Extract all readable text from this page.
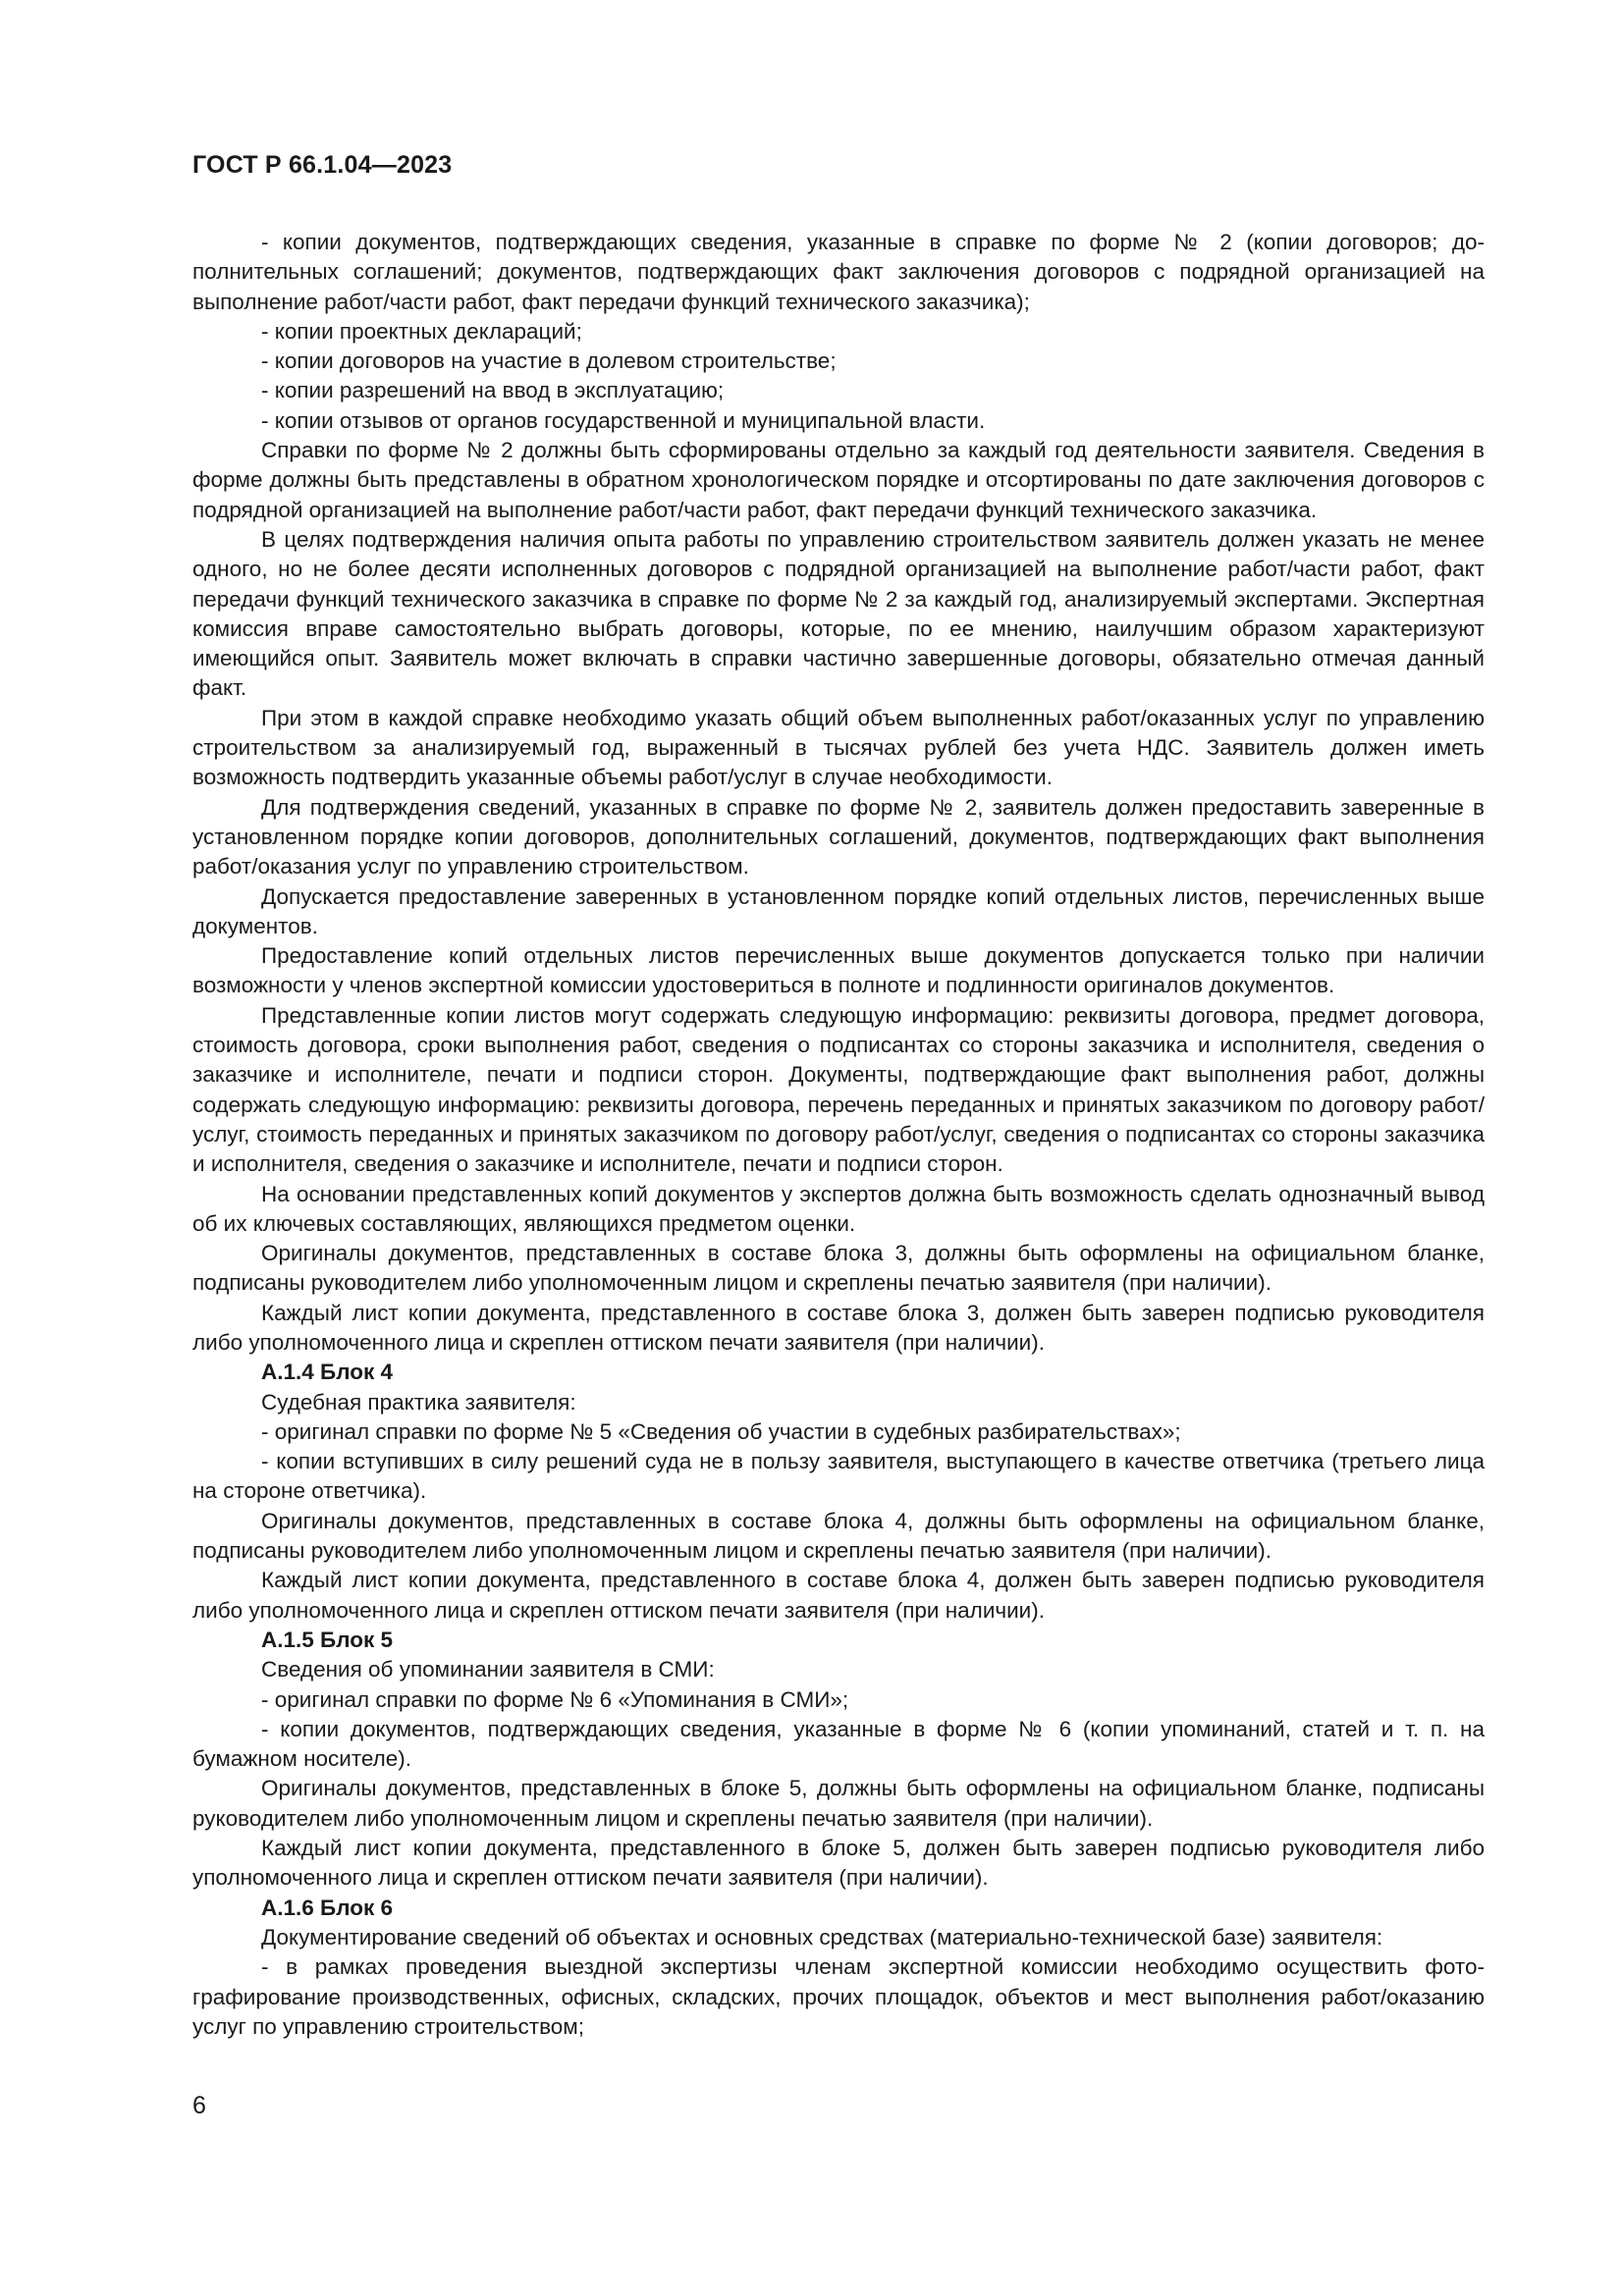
ГОСТ Р 66.1.04—2023

- копии документов, подтверждающих сведения, указанные в справке по форме № 2 (копии договоров; дополнительных соглашений; документов, подтверждающих факт заключения договоров с подрядной организацией на выполнение работ/части работ, факт передачи функций технического заказчика);

- копии проектных деклараций;

- копии договоров на участие в долевом строительстве;

- копии разрешений на ввод в эксплуатацию;

- копии отзывов от органов государственной и муниципальной власти.

Справки по форме № 2 должны быть сформированы отдельно за каждый год деятельности заявителя. Сведения в форме должны быть представлены в обратном хронологическом порядке и отсортированы по дате заключения договоров с подрядной организацией на выполнение работ/части работ, факт передачи функций технического заказчика.

В целях подтверждения наличия опыта работы по управлению строительством заявитель должен указать не менее одного, но не более десяти исполненных договоров с подрядной организацией на выполнение работ/части работ, факт передачи функций технического заказчика в справке по форме № 2 за каждый год, анализируемый экспертами. Экспертная комиссия вправе самостоятельно выбрать договоры, которые, по ее мнению, наилучшим образом характеризуют имеющийся опыт. Заявитель может включать в справки частично завершенные договоры, обязательно отмечая данный факт.

При этом в каждой справке необходимо указать общий объем выполненных работ/оказанных услуг по управлению строительством за анализируемый год, выраженный в тысячах рублей без учета НДС. Заявитель должен иметь возможность подтвердить указанные объемы работ/услуг в случае необходимости.

Для подтверждения сведений, указанных в справке по форме № 2, заявитель должен предоставить заверенные в установленном порядке копии договоров, дополнительных соглашений, документов, подтверждающих факт выполнения работ/оказания услуг по управлению строительством.

Допускается предоставление заверенных в установленном порядке копий отдельных листов, перечисленных выше документов.

Предоставление копий отдельных листов перечисленных выше документов допускается только при наличии возможности у членов экспертной комиссии удостовериться в полноте и подлинности оригиналов документов.

Представленные копии листов могут содержать следующую информацию: реквизиты договора, предмет договора, стоимость договора, сроки выполнения работ, сведения о подписантах со стороны заказчика и исполнителя, сведения о заказчике и исполнителе, печати и подписи сторон. Документы, подтверждающие факт выполнения работ, должны содержать следующую информацию: реквизиты договора, перечень переданных и принятых заказчиком по договору работ/услуг, стоимость переданных и принятых заказчиком по договору работ/услуг, сведения о подписантах со стороны заказчика и исполнителя, сведения о заказчике и исполнителе, печати и подписи сторон.

На основании представленных копий документов у экспертов должна быть возможность сделать однозначный вывод об их ключевых составляющих, являющихся предметом оценки.

Оригиналы документов, представленных в составе блока 3, должны быть оформлены на официальном бланке, подписаны руководителем либо уполномоченным лицом и скреплены печатью заявителя (при наличии).

Каждый лист копии документа, представленного в составе блока 3, должен быть заверен подписью руководителя либо уполномоченного лица и скреплен оттиском печати заявителя (при наличии).

А.1.4 Блок 4

Судебная практика заявителя:

- оригинал справки по форме № 5 «Сведения об участии в судебных разбирательствах»;

- копии вступивших в силу решений суда не в пользу заявителя, выступающего в качестве ответчика (третьего лица на стороне ответчика).

Оригиналы документов, представленных в составе блока 4, должны быть оформлены на официальном бланке, подписаны руководителем либо уполномоченным лицом и скреплены печатью заявителя (при наличии).

Каждый лист копии документа, представленного в составе блока 4, должен быть заверен подписью руководителя либо уполномоченного лица и скреплен оттиском печати заявителя (при наличии).

А.1.5 Блок 5

Сведения об упоминании заявителя в СМИ:

- оригинал справки по форме № 6 «Упоминания в СМИ»;

- копии документов, подтверждающих сведения, указанные в форме № 6 (копии упоминаний, статей и т. п. на бумажном носителе).

Оригиналы документов, представленных в блоке 5, должны быть оформлены на официальном бланке, подписаны руководителем либо уполномоченным лицом и скреплены печатью заявителя (при наличии).

Каждый лист копии документа, представленного в блоке 5, должен быть заверен подписью руководителя либо уполномоченного лица и скреплен оттиском печати заявителя (при наличии).

А.1.6 Блок 6

Документирование сведений об объектах и основных средствах (материально-технической базе) заявителя:

- в рамках проведения выездной экспертизы членам экспертной комиссии необходимо осуществить фотографирование производственных, офисных, складских, прочих площадок, объектов и мест выполнения работ/оказанию услуг по управлению строительством;

6
